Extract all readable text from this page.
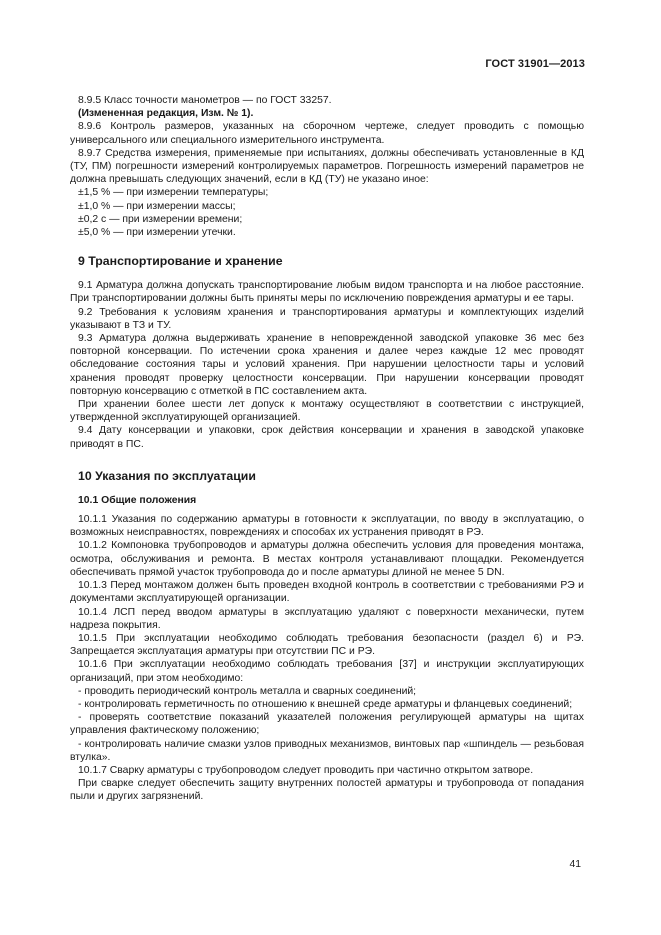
ГОСТ 31901—2013

8.9.5 Класс точности манометров — по ГОСТ 33257.

(Измененная редакция, Изм. № 1).

8.9.6 Контроль размеров, указанных на сборочном чертеже, следует проводить с помощью универсального или специального измерительного инструмента.

8.9.7 Средства измерения, применяемые при испытаниях, должны обеспечивать установленные в КД (ТУ, ПМ) погрешности измерений контролируемых параметров. Погрешность измерений параметров не должна превышать следующих значений, если в КД (ТУ) не указано иное:

±1,5 % — при измерении температуры;

±1,0 % — при измерении массы;

±0,2 с — при измерении времени;

±5,0 % — при измерении утечки.

9 Транспортирование и хранение

9.1 Арматура должна допускать транспортирование любым видом транспорта и на любое расстояние. При транспортировании должны быть приняты меры по исключению повреждения арматуры и ее тары.

9.2 Требования к условиям хранения и транспортирования арматуры и комплектующих изделий указывают в ТЗ и ТУ.

9.3 Арматура должна выдерживать хранение в неповрежденной заводской упаковке 36 мес без повторной консервации. По истечении срока хранения и далее через каждые 12 мес проводят обследование состояния тары и условий хранения. При нарушении целостности тары и условий хранения проводят проверку целостности консервации. При нарушении консервации проводят повторную консервацию с отметкой в ПС составлением акта.

При хранении более шести лет допуск к монтажу осуществляют в соответствии с инструкцией, утвержденной эксплуатирующей организацией.

9.4 Дату консервации и упаковки, срок действия консервации и хранения в заводской упаковке приводят в ПС.

10 Указания по эксплуатации
10.1 Общие положения

10.1.1 Указания по содержанию арматуры в готовности к эксплуатации, по вводу в эксплуатацию, о возможных неисправностях, повреждениях и способах их устранения приводят в РЭ.

10.1.2 Компоновка трубопроводов и арматуры должна обеспечить условия для проведения монтажа, осмотра, обслуживания и ремонта. В местах контроля устанавливают площадки. Рекомендуется обеспечивать прямой участок трубопровода до и после арматуры длиной не менее 5 DN.

10.1.3 Перед монтажом должен быть проведен входной контроль в соответствии с требованиями РЭ и документами эксплуатирующей организации.

10.1.4 ЛСП перед вводом арматуры в эксплуатацию удаляют с поверхности механически, путем надреза покрытия.

10.1.5 При эксплуатации необходимо соблюдать требования безопасности (раздел 6) и РЭ. Запрещается эксплуатация арматуры при отсутствии ПС и РЭ.

10.1.6 При эксплуатации необходимо соблюдать требования [37] и инструкции эксплуатирующих организаций, при этом необходимо:

- проводить периодический контроль металла и сварных соединений;

- контролировать герметичность по отношению к внешней среде арматуры и фланцевых соединений;

- проверять соответствие показаний указателей положения регулирующей арматуры на щитах управления фактическому положению;

- контролировать наличие смазки узлов приводных механизмов, винтовых пар «шпиндель — резьбовая втулка».

10.1.7 Сварку арматуры с трубопроводом следует проводить при частично открытом затворе.

При сварке следует обеспечить защиту внутренних полостей арматуры и трубопровода от попадания пыли и других загрязнений.

41
